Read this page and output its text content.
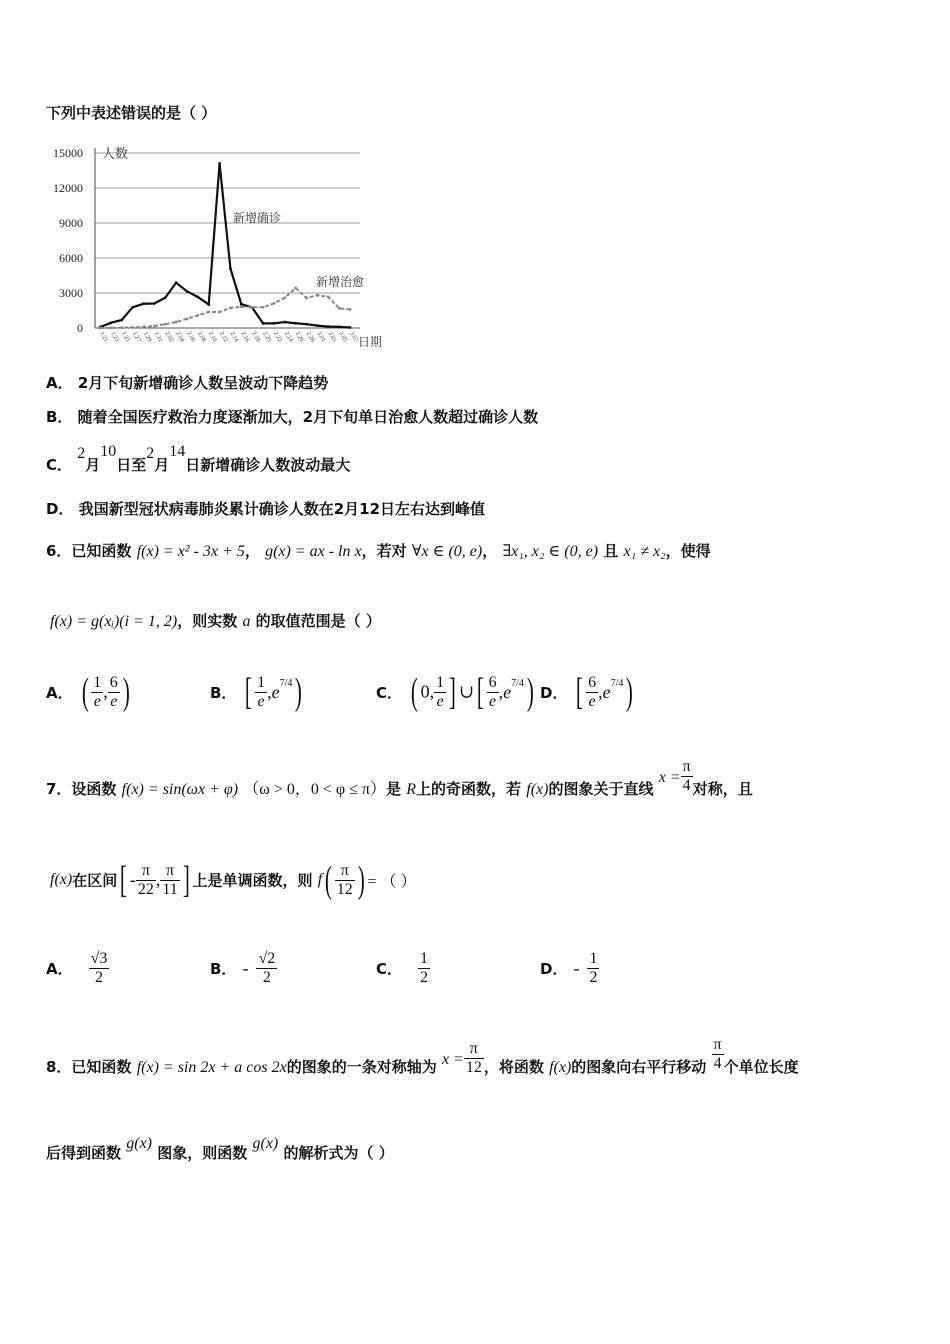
下列中表述错误的是（ ）
0
3000
6000
9000
12000
15000
1.21 1.23 1.25 1.27 1.29 1.31 2.02 2.04 2.06 2.08 2.10 2.12 2.14 2.16 2.18 2.20 2.22 2.24 2.26 2.28 3.01 3.03 3.05 3.07
人数
日期
新增确诊
新增治愈
A． 2月下旬新增确诊人数呈波动下降趋势
B． 随着全国医疗救治力度逐渐加大，2月下旬单日治愈人数超过确诊人数
C． 2月10日至2月14日新增确诊人数波动最大
D． 我国新型冠状病毒肺炎累计确诊人数在2月12日左右达到峰值
6．已知函数 f(x) = x² - 3x + 5， g(x) = ax - ln x，若对 ∀x ∈ (0, e)， ∃x₁, x₂ ∈ (0, e) 且 x₁ ≠ x₂，使得
f(x) = g(xᵢ)(i = 1, 2)，则实数 a 的取值范围是（ ）
A． ( $\frac{1}{e}$ , $\frac{6}{e}$ )	B． [ $\frac{1}{e} ,e^{7/4}$)	C． ( 0, $\frac{1}{e}$ ] ∪[ $\frac{6}{e} ,e^{7/4}$) D． [ $\frac{6}{e} ,e^{7/4}$)
7．设函数 f(x) = sin(ωx + φ) （ω > 0，0 < φ ≤ π）是 R上的奇函数，若 f(x)的图象关于直线 $x = \frac{\pi}{4}$ 对称，且
f(x)在区间[ - $\frac{\pi}{22}$ , $\frac{\pi}{11}$ ] 上是单调函数，则 $f( \frac{\pi}{12}$ ) = （ ）
A． $\frac{√3}{2}$	B． - $\frac{√2}{2}$	C． $\frac{1}{2}$	D． - $\frac{1}{2}$
8．已知函数 f(x) = sin 2x + a cos 2x的图象的一条对称轴为 $x = \frac{\pi}{12}$ ，将函数 f(x)的图象向右平行移动 $\frac{\pi}{4}$ 个单位长度
后得到函数 g(x) 图象，则函数 g(x) 的解析式为（ ）
